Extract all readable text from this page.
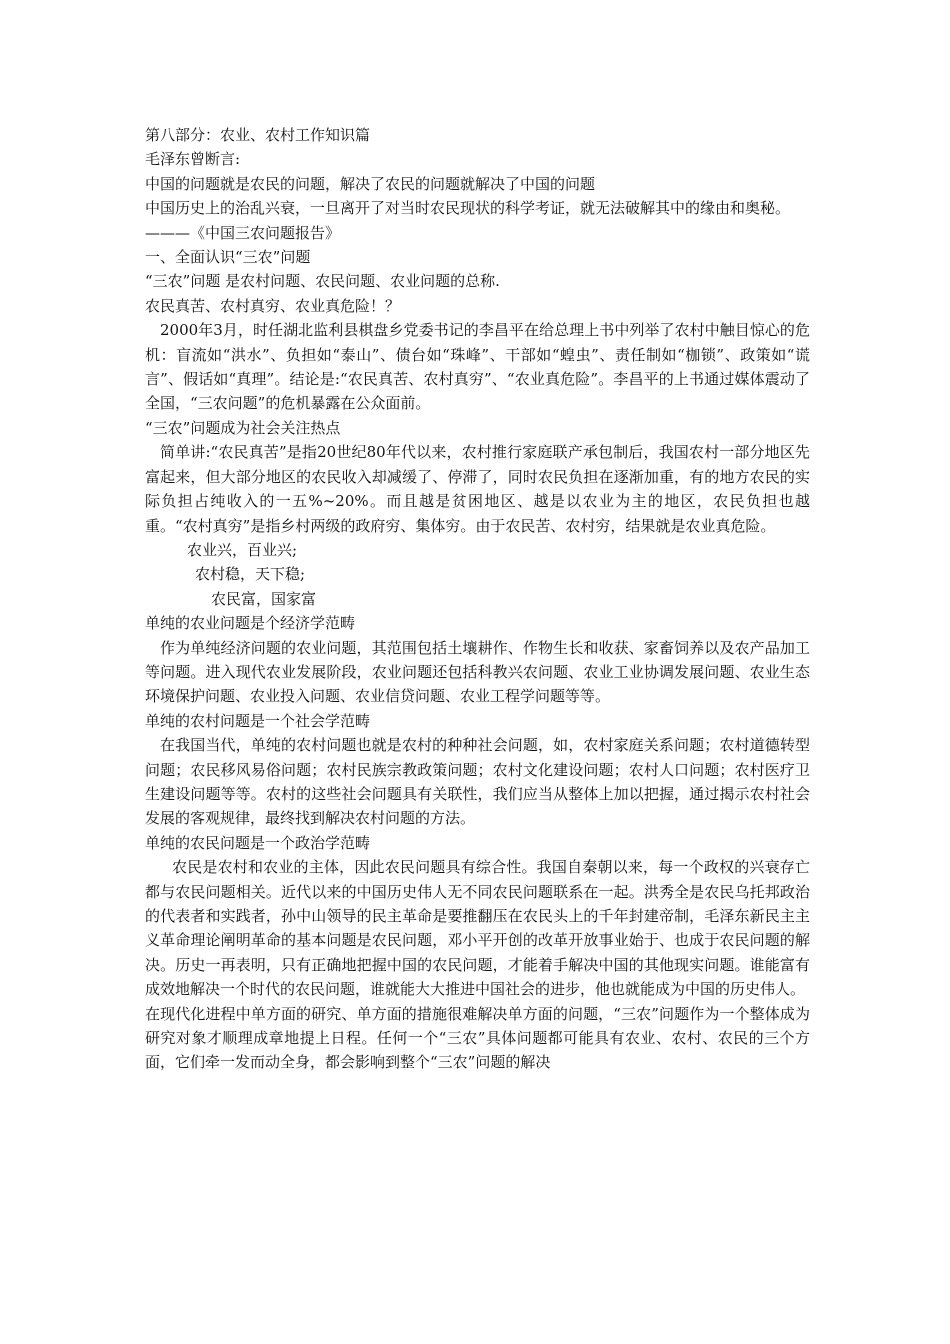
第八部分：农业、农村工作知识篇
毛泽东曾断言:
中国的问题就是农民的问题，解决了农民的问题就解决了中国的问题

中国历史上的治乱兴衰，一旦离开了对当时农民现状的科学考证，就无法破解其中的缘由和奥秘。

———《中国三农问题报告》
一、全面认识“三农”问题
“三农”问题 是农村问题、农民问题、农业问题的总称.
农民真苦、农村真穷、农业真危险！？

2000年3月，时任湖北监利县棋盘乡党委书记的李昌平在给总理上书中列举了农村中触目惊心的危机：盲流如“洪水”、负担如“泰山”、债台如“珠峰”、干部如“蝗虫”、责任制如“枷锁”、政策如“谎言”、假话如“真理”。结论是:“农民真苦、农村真穷”、“农业真危险”。李昌平的上书通过媒体震动了全国，“三农问题”的危机暴露在公众面前。

“三农”问题成为社会关注热点

简单讲:“农民真苦”是指20世纪80年代以来，农村推行家庭联产承包制后，我国农村一部分地区先富起来，但大部分地区的农民收入却减缓了、停滞了，同时农民负担在逐渐加重，有的地方农民的实际负担占纯收入的一五%~20%。而且越是贫困地区、越是以农业为主的地区，农民负担也越重。“农村真穷”是指乡村两级的政府穷、集体穷。由于农民苦、农村穷，结果就是农业真危险。

农业兴，百业兴;
农村稳，天下稳;
农民富，国家富
单纯的农业问题是个经济学范畴

作为单纯经济问题的农业问题，其范围包括土壤耕作、作物生长和收获、家畜饲养以及农产品加工等问题。进入现代农业发展阶段，农业问题还包括科教兴农问题、农业工业协调发展问题、农业生态环境保护问题、农业投入问题、农业信贷问题、农业工程学问题等等。

单纯的农村问题是一个社会学范畴

在我国当代，单纯的农村问题也就是农村的种种社会问题，如，农村家庭关系问题；农村道德转型问题；农民移风易俗问题；农村民族宗教政策问题；农村文化建设问题；农村人口问题；农村医疗卫生建设问题等等。农村的这些社会问题具有关联性，我们应当从整体上加以把握，通过揭示农村社会发展的客观规律，最终找到解决农村问题的方法。

单纯的农民问题是一个政治学范畴

农民是农村和农业的主体，因此农民问题具有综合性。我国自秦朝以来，每一个政权的兴衰存亡都与农民问题相关。近代以来的中国历史伟人无不同农民问题联系在一起。洪秀全是农民乌托邦政治的代表者和实践者，孙中山领导的民主革命是要推翻压在农民头上的千年封建帝制，毛泽东新民主主义革命理论阐明革命的基本问题是农民问题，邓小平开创的改革开放事业始于、也成于农民问题的解决。历史一再表明，只有正确地把握中国的农民问题，才能着手解决中国的其他现实问题。谁能富有成效地解决一个时代的农民问题，谁就能大大推进中国社会的进步，他也就能成为中国的历史伟人。

在现代化进程中单方面的研究、单方面的措施很难解决单方面的问题，“三农”问题作为一个整体成为研究对象才顺理成章地提上日程。任何一个“三农”具体问题都可能具有农业、农村、农民的三个方面，它们牵一发而动全身，都会影响到整个“三农”问题的解决
